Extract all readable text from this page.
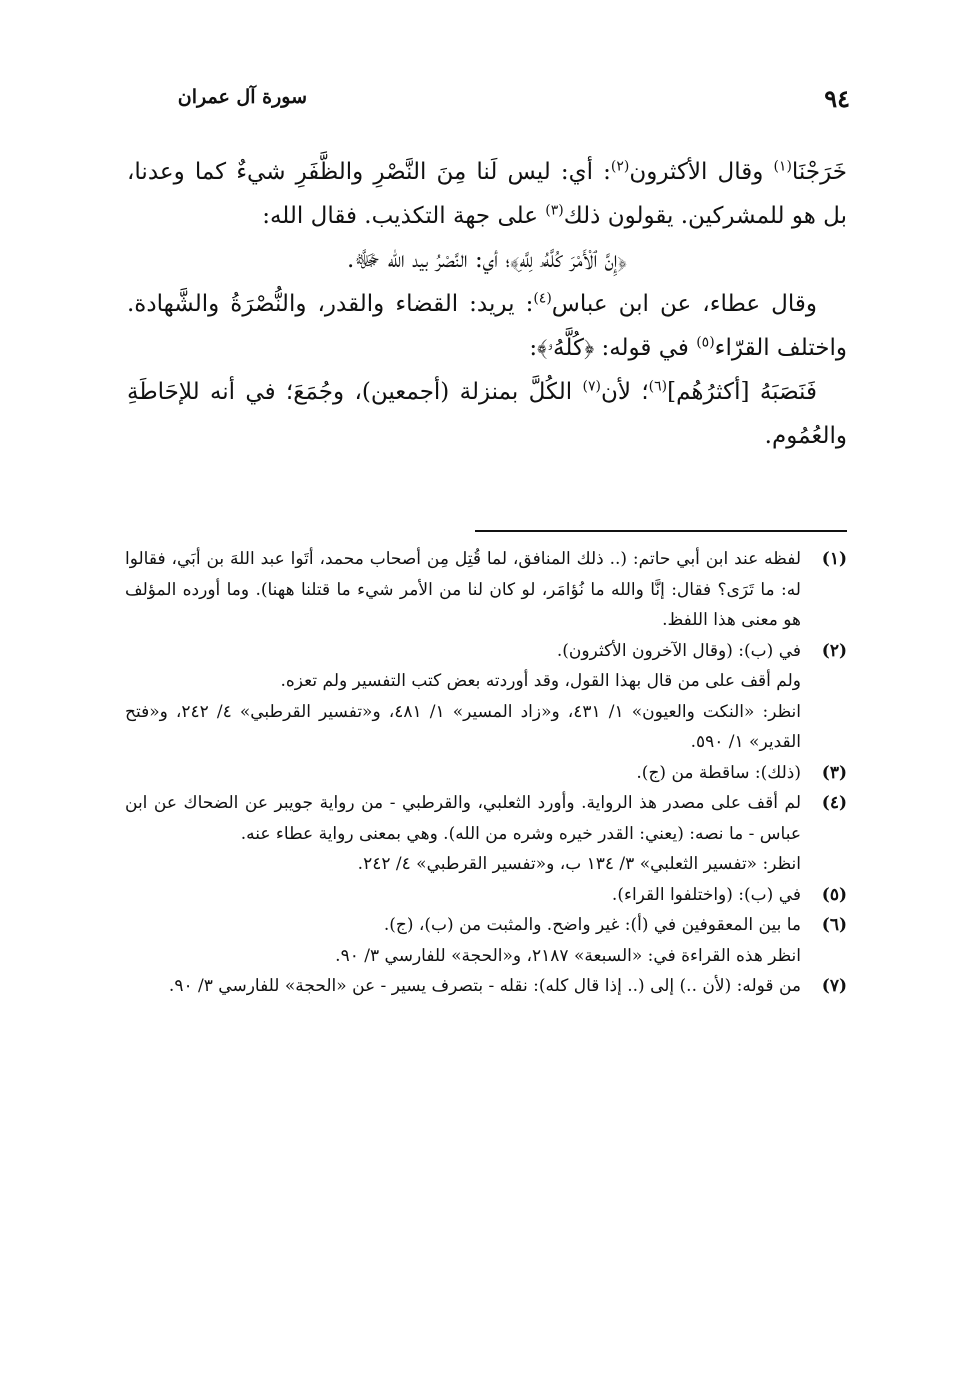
سورة آل عمران	٩٤

خَرَجْنَا$^{(١)}$ وقال الأكثرون$^{(٢)}$: أي: ليس لَنا مِنَ النَّصْرِ والظَّفَرِ شيءٌ كما وعدنا، بل هو للمشركين. يقولون ذلك$^{(٣)}$ على جهة التكذيب. فقال الله:

﴿إِنَّ ٱلْأَمْرَ كُلَّهُۥ لِلَّهِ﴾؛ أي: النَّصْرُ بيد الله ﷻ.

وقال عطاء، عن ابن عباس$^{(٤)}$: يريد: القضاء والقدر، والنُّصْرَةُ والشَّهادة. واختلف القرّاء$^{(٥)}$ في قوله: ﴿كُلَّهُۥ﴾:

فَنَصَبَهُ [أكثرُهُم]$^{(٦)}$؛ لأن$^{(٧)}$ الكُلَّ بمنزلة (أجمعين)، وجُمَعَ؛ في أنه للإحَاطَةِ والعُمُوم.

(١)
لفظه عند ابن أبي حاتم: (.. ذلك المنافق، لما قُتِل مِن أصحاب محمد، أتَوا عبد اللهَ بن أبَي، فقالوا له: ما تَرَى؟ فقال: إنَّا والله ما نُؤامَر، لو كان لنا من الأمر شيء ما قتلنا ههنا). وما أورده المؤلف هو معنى هذا اللفظ.
(٢)
في (ب): (وقال الآخرون الأكثرون).

ولم أقف على من قال بهذا القول، وقد أوردته بعض كتب التفسير ولم تعزه.

انظر: «النكت والعيون» ١/ ٤٣١، و«زاد المسير» ١/ ٤٨١، و«تفسير القرطبي» ٤/ ٢٤٢، و«فتح القدير» ١/ ٥٩٠.

(٣)
(ذلك): ساقطة من (ج).
(٤)
لم أقف على مصدر هذ الرواية. وأورد الثعلبي، والقرطبي - من رواية جويبر عن الضحاك عن ابن عباس - ما نصه: (يعني: القدر خيره وشره من الله). وهي بمعنى رواية عطاء عنه.

انظر: «تفسير الثعلبي» ٣/ ١٣٤ ب، و«تفسير القرطبي» ٤/ ٢٤٢.

(٥)
في (ب): (واختلفوا القراء).
(٦)
ما بين المعقوفين في (أ): غير واضح. والمثبت من (ب)، (ج).

انظر هذه القراءة في: «السبعة» ٢١٨٧، و«الحجة» للفارسي ٣/ ٩٠.

(٧)
من قوله: (لأن ..) إلى (.. إذا قال كله): نقله - بتصرف يسير - عن «الحجة» للفارسي ٣/ ٩٠.
